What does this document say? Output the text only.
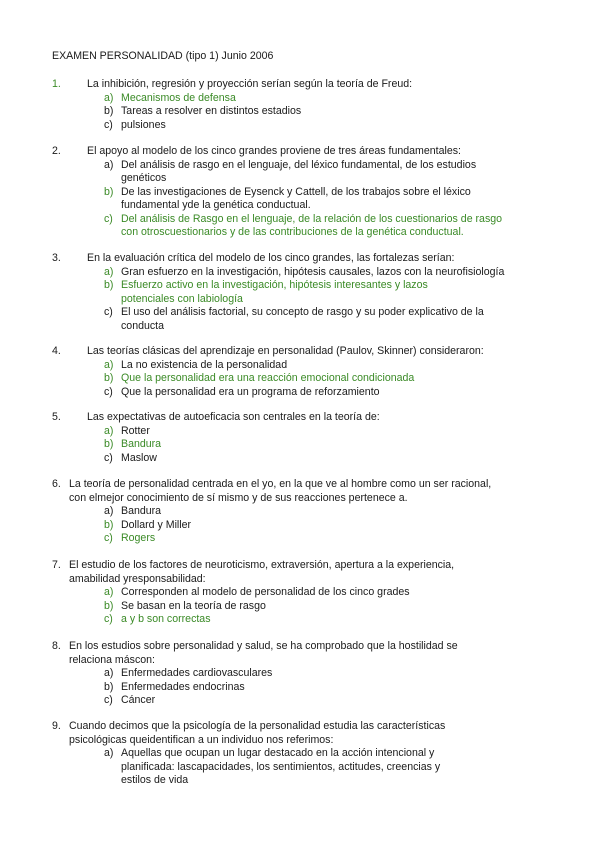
EXAMEN PERSONALIDAD (tipo 1) Junio 2006
1. La inhibición, regresión y proyección serían según la teoría de Freud:
a) Mecanismos de defensa
b) Tareas a resolver en distintos estadios
c) pulsiones
2. El apoyo al modelo de los cinco grandes proviene de tres áreas fundamentales:
a) Del análisis de rasgo en el lenguaje, del léxico fundamental, de los estudios
genéticos
b) De las investigaciones de Eysenck y Cattell, de los trabajos sobre el léxico
fundamental yde la genética conductual.
c) Del análisis de Rasgo en el lenguaje, de la relación de los cuestionarios de rasgo
con otroscuestionarios y de las contribuciones de la genética conductual.
3. En la evaluación crítica del modelo de los cinco grandes, las fortalezas serían:
a) Gran esfuerzo en la investigación, hipótesis causales, lazos con la neurofisiología
b) Esfuerzo activo en la investigación, hipótesis interesantes y lazos
potenciales con labiología
c) El uso del análisis factorial, su concepto de rasgo y su poder explicativo de la
conducta
4. Las teorías clásicas del aprendizaje en personalidad (Paulov, Skinner) consideraron:
a) La no existencia de la personalidad
b) Que la personalidad era una reacción emocional condicionada
c) Que la personalidad era un programa de reforzamiento
5. Las expectativas de autoeficacia son centrales en la teoría de:
a) Rotter
b) Bandura
c) Maslow
6. La teoría de personalidad centrada en el yo, en la que ve al hombre como un ser racional,
con elmejor conocimiento de sí mismo y de sus reacciones pertenece a.
a) Bandura
b) Dollard y Miller
c) Rogers
7. El estudio de los factores de neuroticismo, extraversión, apertura a la experiencia,
amabilidad yresponsabilidad:
a) Corresponden al modelo de personalidad de los cinco grades
b) Se basan en la teoría de rasgo
c) a y b son correctas
8. En los estudios sobre personalidad y salud, se ha comprobado que la hostilidad se
relaciona máscon:
a) Enfermedades cardiovasculares
b) Enfermedades endocrinas
c) Cáncer
9. Cuando decimos que la psicología de la personalidad estudia las características
psicológicas queidentifican a un individuo nos referimos:
a) Aquellas que ocupan un lugar destacado en la acción intencional y
planificada: lascapacidades, los sentimientos, actitudes, creencias y
estilos de vida
